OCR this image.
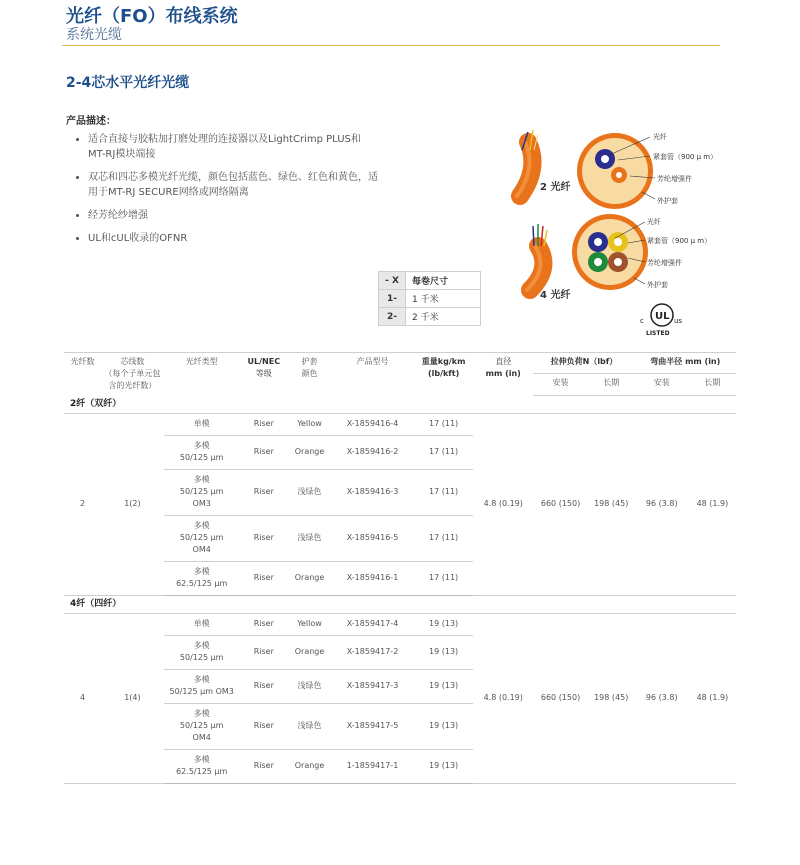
光纤（FO）布线系统
系统光缆
2-4芯水平光纤光缆
产品描述：
• 适合直接与胶粘加打磨处理的连接器以及LightCrimp PLUS和MT-RJ模块端接
• 双芯和四芯多模光纤光缆，颜色包括蓝色、绿色、红色和黄色，适用于MT-RJ SECURE网络或网络隔离
• 经芳纶纱增强
• UL和cUL收录的OFNR
- X	每卷尺寸
1-	1 千米
2-	2 千米
2 光纤
光纤
紧套管（900 μ m）
芳纶增强件
外护套
4 光纤
光纤
紧套管（900 μ m）
芳纶增强件
外护套
c UL us
LISTED
光纤数	芯线数
（每个子单元包
含的光纤数）	光纤类型	UL/NEC
等级	护套
颜色	产品型号	重量kg/km
(lb/kft)	直径
mm (in)	拉伸负荷N（lbf）		弯曲半径 mm (in)	
								安装	长期	安装	长期
2纤（双纤）											
2	1(2)	单模	Riser	Yellow	X-1859416-4	17 (11)	4.8 (0.19)	660 (150)	198 (45)	96 (3.8)	48 (1.9)
		多模
50/125 μm	Riser	Orange	X-1859416-2	17 (11)					
		多模
50/125 μm
OM3	Riser	浅绿色	X-1859416-3	17 (11)					
		多模
50/125 μm
OM4	Riser	浅绿色	X-1859416-5	17 (11)					
		多模
62.5/125 μm	Riser	Orange	X-1859416-1	17 (11)					
4纤（四纤）											
4	1(4)	单模	Riser	Yellow	X-1859417-4	19 (13)	4.8 (0.19)	660 (150)	198 (45)	96 (3.8)	48 (1.9)
		多模
50/125 μm	Riser	Orange	X-1859417-2	19 (13)					
		多模
50/125 μm OM3	Riser	浅绿色	X-1859417-3	19 (13)					
		多模
50/125 μm
OM4	Riser	浅绿色	X-1859417-5	19 (13)					
		多模
62.5/125 μm	Riser	Orange	1-1859417-1	19 (13)					
